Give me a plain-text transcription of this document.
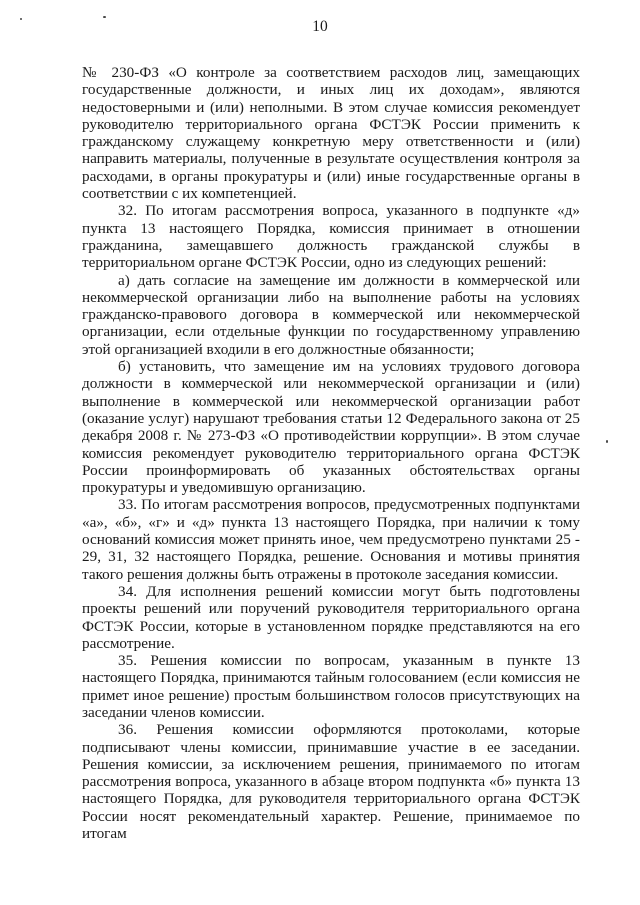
10

№ 230-ФЗ «О контроле за соответствием расходов лиц, замещающих государственные должности, и иных лиц их доходам», являются недостоверными и (или) неполными. В этом случае комиссия рекомендует руководителю территориального органа ФСТЭК России применить к гражданскому служащему конкретную меру ответственности и (или) направить материалы, полученные в результате осуществления контроля за расходами, в органы прокуратуры и (или) иные государственные органы в соответствии с их компетенцией.

32. По итогам рассмотрения вопроса, указанного в подпункте «д» пункта 13 настоящего Порядка, комиссия принимает в отношении гражданина, замещавшего должность гражданской службы в территориальном органе ФСТЭК России, одно из следующих решений:

а) дать согласие на замещение им должности в коммерческой или некоммерческой организации либо на выполнение работы на условиях гражданско-правового договора в коммерческой или некоммерческой организации, если отдельные функции по государственному управлению этой организацией входили в его должностные обязанности;

б) установить, что замещение им на условиях трудового договора должности в коммерческой или некоммерческой организации и (или) выполнение в коммерческой или некоммерческой организации работ (оказание услуг) нарушают требования статьи 12 Федерального закона от 25 декабря 2008 г. № 273-ФЗ «О противодействии коррупции». В этом случае комиссия рекомендует руководителю территориального органа ФСТЭК России проинформировать об указанных обстоятельствах органы прокуратуры и уведомившую организацию.

33. По итогам рассмотрения вопросов, предусмотренных подпунктами «а», «б», «г» и «д» пункта 13 настоящего Порядка, при наличии к тому оснований комиссия может принять иное, чем предусмотрено пунктами 25 - 29, 31, 32 настоящего Порядка, решение. Основания и мотивы принятия такого решения должны быть отражены в протоколе заседания комиссии.

34. Для исполнения решений комиссии могут быть подготовлены проекты решений или поручений руководителя территориального органа ФСТЭК России, которые в установленном порядке представляются на его рассмотрение.

35. Решения комиссии по вопросам, указанным в пункте 13 настоящего Порядка, принимаются тайным голосованием (если комиссия не примет иное решение) простым большинством голосов присутствующих на заседании членов комиссии.

36. Решения комиссии оформляются протоколами, которые подписывают члены комиссии, принимавшие участие в ее заседании. Решения комиссии, за исключением решения, принимаемого по итогам рассмотрения вопроса, указанного в абзаце втором подпункта «б» пункта 13 настоящего Порядка, для руководителя территориального органа ФСТЭК России носят рекомендательный характер. Решение, принимаемое по итогам
